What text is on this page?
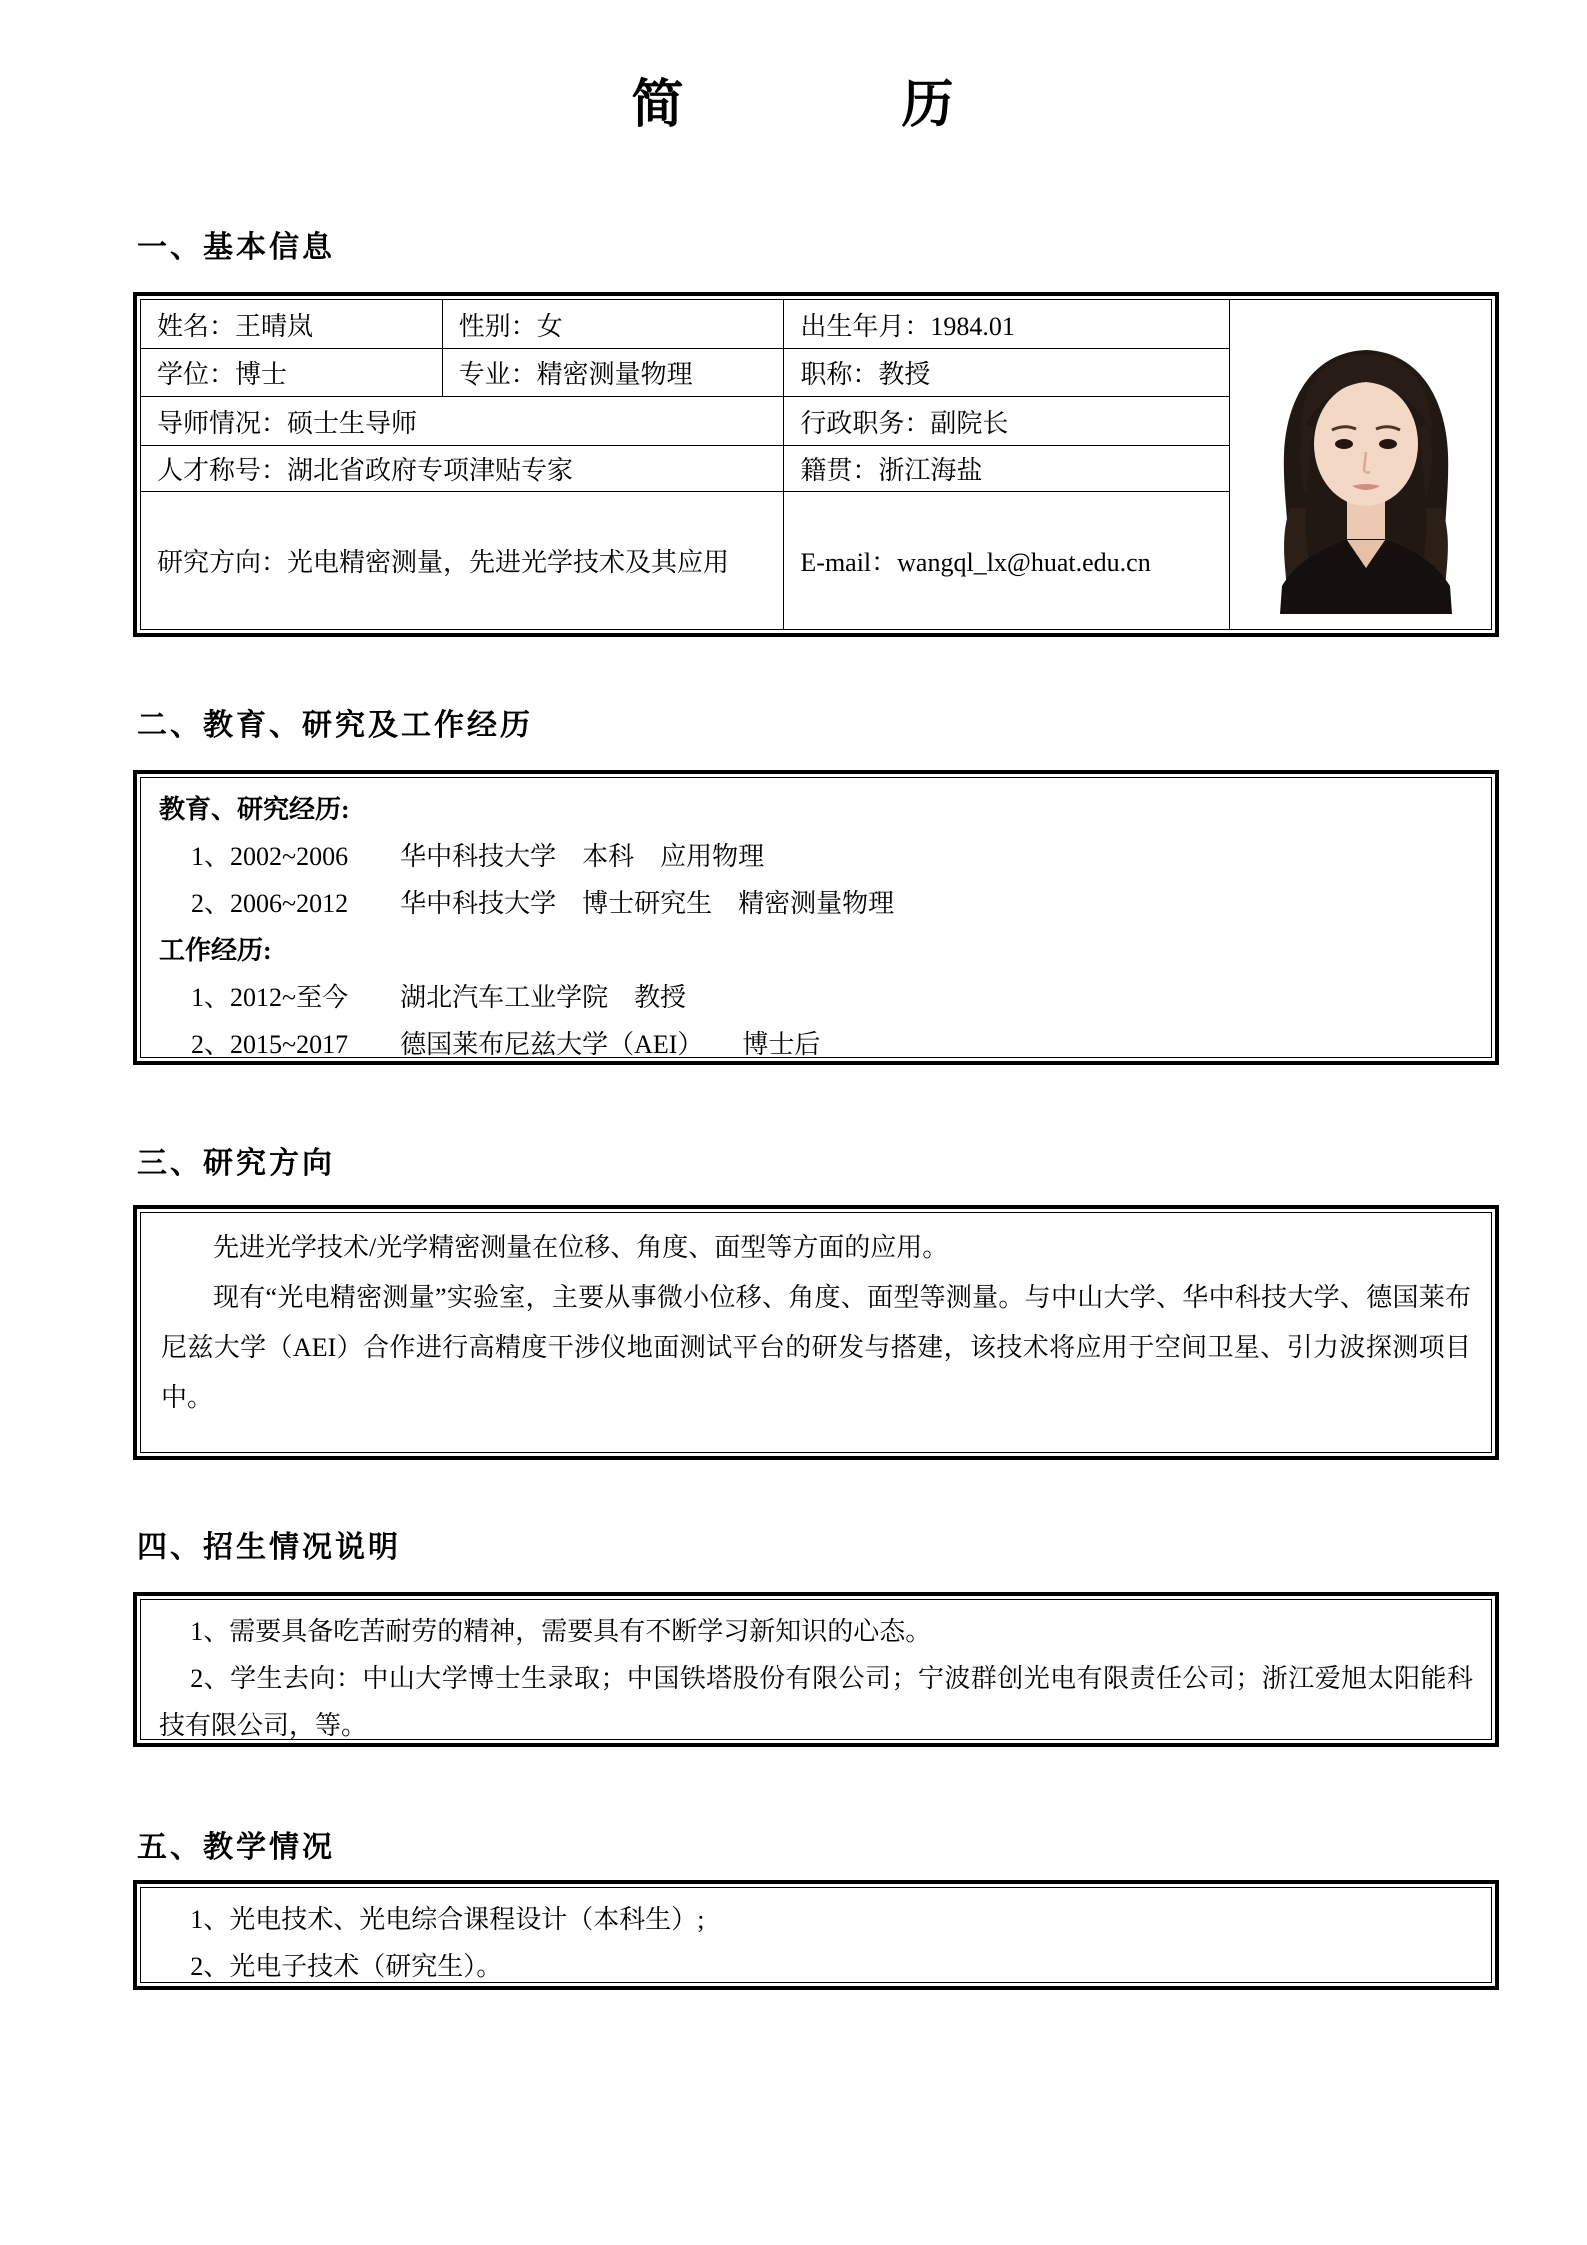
简　　　　历
一、基本信息
姓名：王晴岚	性别：女	出生年月：1984.01	
学位：博士	专业：精密测量物理	职称：教授	
导师情况：硕士生导师		行政职务：副院长	
人才称号：湖北省政府专项津贴专家		籍贯：浙江海盐	
研究方向：光电精密测量，先进光学技术及其应用		E-mail：wangql_lx@huat.edu.cn	
二、教育、研究及工作经历
教育、研究经历:
1、2002~2006　　华中科技大学　本科　应用物理
2、2006~2012　　华中科技大学　博士研究生　精密测量物理
工作经历:
1、2012~至今　　湖北汽车工业学院　教授
2、2015~2017　　德国莱布尼兹大学（AEI）　　博士后
三、研究方向

先进光学技术/光学精密测量在位移、角度、面型等方面的应用。

现有“光电精密测量”实验室，主要从事微小位移、角度、面型等测量。与中山大学、华中科技大学、德国莱布尼兹大学（AEI）合作进行高精度干涉仪地面测试平台的研发与搭建，该技术将应用于空间卫星、引力波探测项目中。

四、招生情况说明

1、需要具备吃苦耐劳的精神，需要具有不断学习新知识的心态。

2、学生去向：中山大学博士生录取；中国铁塔股份有限公司；宁波群创光电有限责任公司；浙江爱旭太阳能科技有限公司，等。

五、教学情况

1、光电技术、光电综合课程设计（本科生）;

2、光电子技术（研究生）。
